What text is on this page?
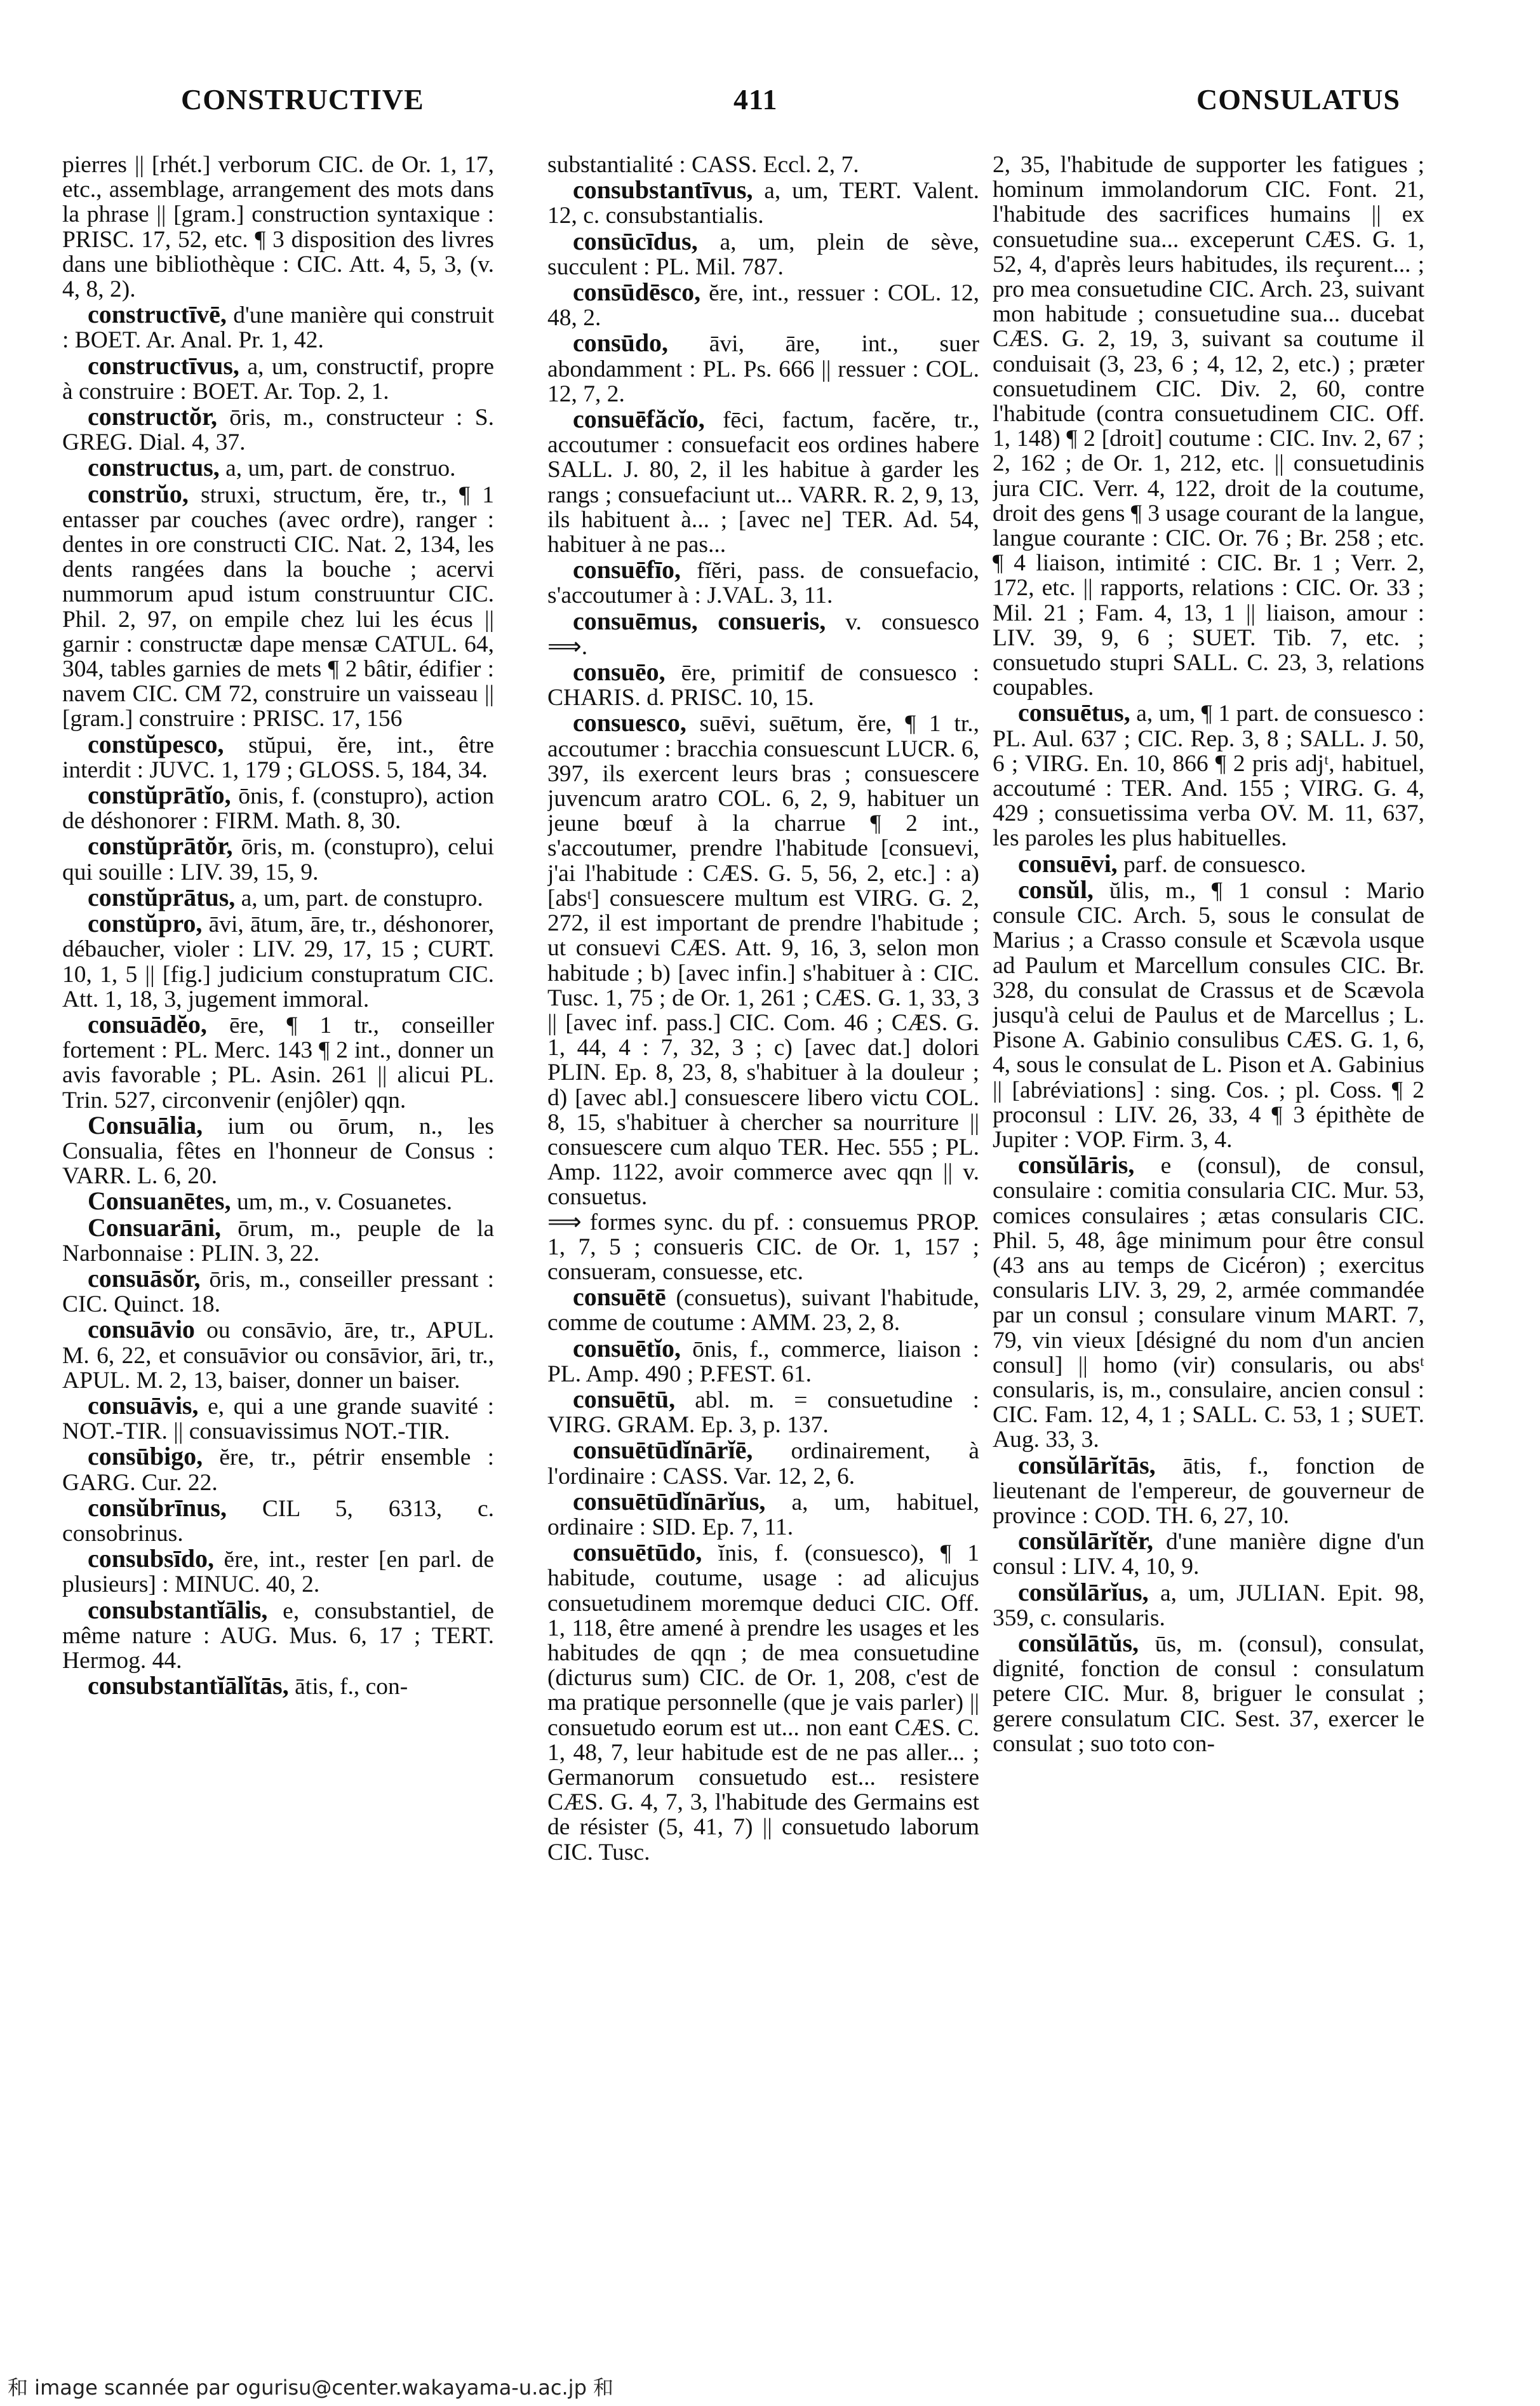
CONSTRUCTIVE	411	CONSULATUS

pierres || [rhét.] verborum CIC. de Or. 1, 17, etc., assemblage, arrangement des mots dans la phrase || [gram.] construction syntaxique : PRISC. 17, 52, etc. ¶ 3 disposition des livres dans une bibliothèque : CIC. Att. 4, 5, 3, (v. 4, 8, 2).

constructīvē, d'une manière qui construit : BOET. Ar. Anal. Pr. 1, 42.

constructīvus, a, um, constructif, propre à construire : BOET. Ar. Top. 2, 1.

constructŏr, ōris, m., constructeur : S. GREG. Dial. 4, 37.

constructus, a, um, part. de construo.

constrŭo, struxi, structum, ĕre, tr., ¶ 1 entasser par couches (avec ordre), ranger : dentes in ore constructi CIC. Nat. 2, 134, les dents rangées dans la bouche ; acervi nummorum apud istum construuntur CIC. Phil. 2, 97, on empile chez lui les écus || garnir : constructæ dape mensæ CATUL. 64, 304, tables garnies de mets ¶ 2 bâtir, édifier : navem CIC. CM 72, construire un vaisseau || [gram.] construire : PRISC. 17, 156

constŭpesco, stŭpui, ĕre, int., être interdit : JUVC. 1, 179 ; GLOSS. 5, 184, 34.

constŭprātĭo, ōnis, f. (constupro), action de déshonorer : FIRM. Math. 8, 30.

constŭprātŏr, ōris, m. (constupro), celui qui souille : LIV. 39, 15, 9.

constŭprātus, a, um, part. de constupro.

constŭpro, āvi, ātum, āre, tr., déshonorer, débaucher, violer : LIV. 29, 17, 15 ; CURT. 10, 1, 5 || [fig.] judicium constupratum CIC. Att. 1, 18, 3, jugement immoral.

consuādĕo, ēre, ¶ 1 tr., conseiller fortement : PL. Merc. 143 ¶ 2 int., donner un avis favorable ; PL. Asin. 261 || alicui PL. Trin. 527, circonvenir (enjôler) qqn.

Consuālia, ium ou ōrum, n., les Consualia, fêtes en l'honneur de Consus : VARR. L. 6, 20.

Consuanētes, um, m., v. Cosuanetes.

Consuarāni, ōrum, m., peuple de la Narbonnaise : PLIN. 3, 22.

consuāsŏr, ōris, m., conseiller pressant : CIC. Quinct. 18.

consuāvio ou consāvio, āre, tr., APUL. M. 6, 22, et consuāvior ou consāvior, āri, tr., APUL. M. 2, 13, baiser, donner un baiser.

consuāvis, e, qui a une grande suavité : NOT.-TIR. || consuavissimus NOT.-TIR.

consūbigo, ĕre, tr., pétrir ensemble : GARG. Cur. 22.

consŭbrīnus, CIL 5, 6313, c. consobrinus.

consubsīdo, ĕre, int., rester [en parl. de plusieurs] : MINUC. 40, 2.

consubstantĭālis, e, consubstantiel, de même nature : AUG. Mus. 6, 17 ; TERT. Hermog. 44.

consubstantĭālĭtās, ātis, f., con-

substantialité : CASS. Eccl. 2, 7.

consubstantīvus, a, um, TERT. Valent. 12, c. consubstantialis.

consūcīdus, a, um, plein de sève, succulent : PL. Mil. 787.

consūdēsco, ĕre, int., ressuer : COL. 12, 48, 2.

consūdo, āvi, āre, int., suer abondamment : PL. Ps. 666 || ressuer : COL. 12, 7, 2.

consuēfăcĭo, fēci, factum, facĕre, tr., accoutumer : consuefacit eos ordines habere SALL. J. 80, 2, il les habitue à garder les rangs ; consuefaciunt ut... VARR. R. 2, 9, 13, ils habituent à... ; [avec ne] TER. Ad. 54, habituer à ne pas...

consuēfīo, fĭĕri, pass. de consuefacio, s'accoutumer à : J.VAL. 3, 11.

consuēmus, consueris, v. consuesco ⟹.

consuēo, ēre, primitif de consuesco : CHARIS. d. PRISC. 10, 15.

consuesco, suēvi, suētum, ĕre, ¶ 1 tr., accoutumer : bracchia consuescunt LUCR. 6, 397, ils exercent leurs bras ; consuescere juvencum aratro COL. 6, 2, 9, habituer un jeune bœuf à la charrue ¶ 2 int., s'accoutumer, prendre l'habitude [consuevi, j'ai l'habitude : CÆS. G. 5, 56, 2, etc.] : a) [absᵗ] consuescere multum est VIRG. G. 2, 272, il est important de prendre l'habitude ; ut consuevi CÆS. Att. 9, 16, 3, selon mon habitude ; b) [avec infin.] s'habituer à : CIC. Tusc. 1, 75 ; de Or. 1, 261 ; CÆS. G. 1, 33, 3 || [avec inf. pass.] CIC. Com. 46 ; CÆS. G. 1, 44, 4 : 7, 32, 3 ; c) [avec dat.] dolori PLIN. Ep. 8, 23, 8, s'habituer à la douleur ; d) [avec abl.] consuescere libero victu COL. 8, 15, s'habituer à chercher sa nourriture || consuescere cum alquo TER. Hec. 555 ; PL. Amp. 1122, avoir commerce avec qqn || v. consuetus.

⟹ formes sync. du pf. : consuemus PROP. 1, 7, 5 ; consueris CIC. de Or. 1, 157 ; consueram, consuesse, etc.

consuētē (consuetus), suivant l'habitude, comme de coutume : AMM. 23, 2, 8.

consuētĭo, ōnis, f., commerce, liaison : PL. Amp. 490 ; P.FEST. 61.

consuētū, abl. m. = consuetudine : VIRG. GRAM. Ep. 3, p. 137.

consuētūdĭnārĭē, ordinairement, à l'ordinaire : CASS. Var. 12, 2, 6.

consuētūdĭnārĭus, a, um, habituel, ordinaire : SID. Ep. 7, 11.

consuētūdo, ĭnis, f. (consuesco), ¶ 1 habitude, coutume, usage : ad alicujus consuetudinem moremque deduci CIC. Off. 1, 118, être amené à prendre les usages et les habitudes de qqn ; de mea consuetudine (dicturus sum) CIC. de Or. 1, 208, c'est de ma pratique personnelle (que je vais parler) || consuetudo eorum est ut... non eant CÆS. C. 1, 48, 7, leur habitude est de ne pas aller... ; Germanorum consuetudo est... resistere CÆS. G. 4, 7, 3, l'habitude des Germains est de résister (5, 41, 7) || consuetudo laborum CIC. Tusc.

2, 35, l'habitude de supporter les fatigues ; hominum immolandorum CIC. Font. 21, l'habitude des sacrifices humains || ex consuetudine sua... exceperunt CÆS. G. 1, 52, 4, d'après leurs habitudes, ils reçurent... ; pro mea consuetudine CIC. Arch. 23, suivant mon habitude ; consuetudine sua... ducebat CÆS. G. 2, 19, 3, suivant sa coutume il conduisait (3, 23, 6 ; 4, 12, 2, etc.) ; præter consuetudinem CIC. Div. 2, 60, contre l'habitude (contra consuetudinem CIC. Off. 1, 148) ¶ 2 [droit] coutume : CIC. Inv. 2, 67 ; 2, 162 ; de Or. 1, 212, etc. || consuetudinis jura CIC. Verr. 4, 122, droit de la coutume, droit des gens ¶ 3 usage courant de la langue, langue courante : CIC. Or. 76 ; Br. 258 ; etc. ¶ 4 liaison, intimité : CIC. Br. 1 ; Verr. 2, 172, etc. || rapports, relations : CIC. Or. 33 ; Mil. 21 ; Fam. 4, 13, 1 || liaison, amour : LIV. 39, 9, 6 ; SUET. Tib. 7, etc. ; consuetudo stupri SALL. C. 23, 3, relations coupables.

consuētus, a, um, ¶ 1 part. de consuesco : PL. Aul. 637 ; CIC. Rep. 3, 8 ; SALL. J. 50, 6 ; VIRG. En. 10, 866 ¶ 2 pris adjᵗ, habituel, accoutumé : TER. And. 155 ; VIRG. G. 4, 429 ; consuetissima verba OV. M. 11, 637, les paroles les plus habituelles.

consuēvi, parf. de consuesco.

consŭl, ŭlis, m., ¶ 1 consul : Mario consule CIC. Arch. 5, sous le consulat de Marius ; a Crasso consule et Scævola usque ad Paulum et Marcellum consules CIC. Br. 328, du consulat de Crassus et de Scævola jusqu'à celui de Paulus et de Marcellus ; L. Pisone A. Gabinio consulibus CÆS. G. 1, 6, 4, sous le consulat de L. Pison et A. Gabinius || [abréviations] : sing. Cos. ; pl. Coss. ¶ 2 proconsul : LIV. 26, 33, 4 ¶ 3 épithète de Jupiter : VOP. Firm. 3, 4.

consŭlāris, e (consul), de consul, consulaire : comitia consularia CIC. Mur. 53, comices consulaires ; ætas consularis CIC. Phil. 5, 48, âge minimum pour être consul (43 ans au temps de Cicéron) ; exercitus consularis LIV. 3, 29, 2, armée commandée par un consul ; consulare vinum MART. 7, 79, vin vieux [désigné du nom d'un ancien consul] || homo (vir) consularis, ou absᵗ consularis, is, m., consulaire, ancien consul : CIC. Fam. 12, 4, 1 ; SALL. C. 53, 1 ; SUET. Aug. 33, 3.

consŭlārĭtās, ātis, f., fonction de lieutenant de l'empereur, de gouverneur de province : COD. TH. 6, 27, 10.

consŭlārĭtĕr, d'une manière digne d'un consul : LIV. 4, 10, 9.

consŭlārĭus, a, um, JULIAN. Epit. 98, 359, c. consularis.

consŭlātŭs, ūs, m. (consul), consulat, dignité, fonction de consul : consulatum petere CIC. Mur. 8, briguer le consulat ; gerere consulatum CIC. Sest. 37, exercer le consulat ; suo toto con-

和 image scannée par ogurisu@center.wakayama-u.ac.jp 和
